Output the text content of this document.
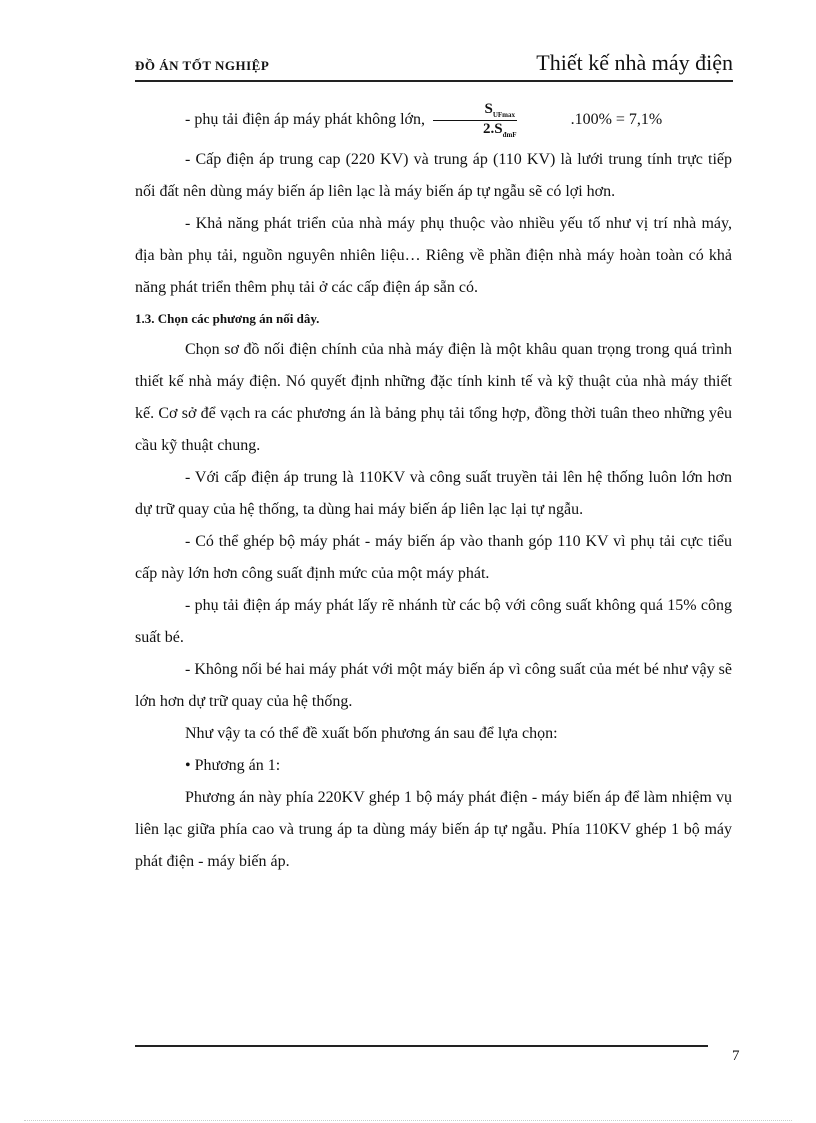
ĐỒ ÁN TỐT NGHIỆP	Thiết kế nhà máy điện

- phụ tải điện áp máy phát không lớn, $\frac{S_{UFmax}}{2.S_{đmF}}$	.100% = 7,1%

- Cấp điện áp trung cap (220 KV) và trung áp (110 KV) là lưới trung tính trực tiếp nối đất nên dùng máy biến áp liên lạc là máy biến áp tự ngẫu sẽ có lợi hơn.

- Khả năng phát triển của nhà máy phụ thuộc vào nhiều yếu tố như vị trí nhà máy, địa bàn phụ tải, nguồn nguyên nhiên liệu… Riêng về phần điện nhà máy hoàn toàn có khả năng phát triển thêm phụ tải ở các cấp điện áp sẵn có.

1.3. Chọn các phương án nối dây.

Chọn sơ đồ nối điện chính của nhà máy điện là một khâu quan trọng trong quá trình thiết kế nhà máy điện. Nó quyết định những đặc tính kinh tế và kỹ thuật của nhà máy thiết kế. Cơ sở để vạch ra các phương án là bảng phụ tải tổng hợp, đồng thời tuân theo những yêu cầu kỹ thuật chung.

- Với cấp điện áp trung là 110KV và công suất truyền tải lên hệ thống luôn lớn hơn dự trữ quay của hệ thống, ta dùng hai máy biến áp liên lạc lại tự ngẫu.

- Có thể ghép bộ máy phát - máy biến áp vào thanh góp 110 KV vì phụ tải cực tiểu cấp này lớn hơn công suất định mức của một máy phát.

- phụ tải điện áp máy phát lấy rẽ nhánh từ các bộ với công suất không quá 15% công suất bé.

- Không nối bé hai máy phát với một máy biến áp vì công suất của mét bé như vậy sẽ lớn hơn dự trữ quay của hệ thống.

Như vậy ta có thể đề xuất bốn phương án sau để lựa chọn:

• Phương án 1:

Phương án này phía 220KV ghép 1 bộ máy phát điện - máy biến áp để làm nhiệm vụ liên lạc giữa phía cao và trung áp ta dùng máy biến áp tự ngẫu. Phía 110KV ghép 1 bộ máy phát điện - máy biến áp.

7
